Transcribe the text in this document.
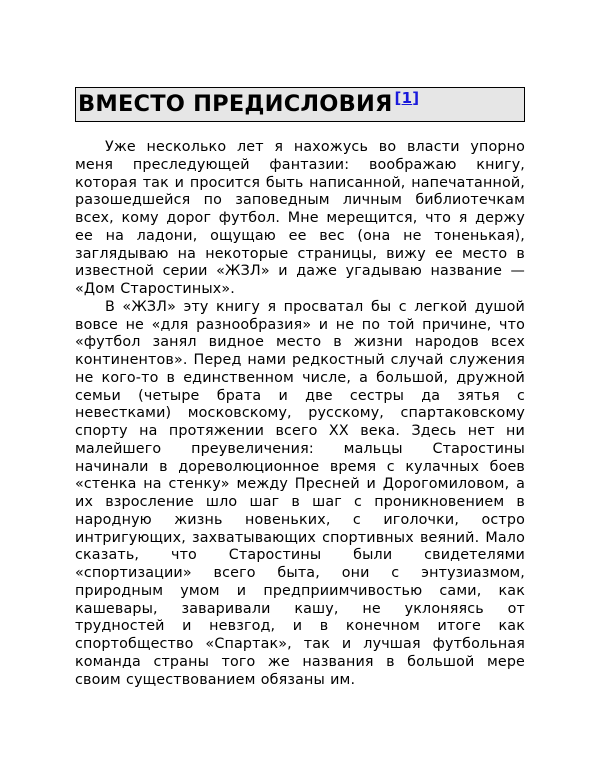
ВМЕСТО ПРЕДИСЛОВИЯ [1]

Уже несколько лет я нахожусь во власти упорно меня преследующей фантазии: воображаю книгу, которая так и просится быть написанной, напечатанной, разошедшейся по заповедным личным библиотечкам всех, кому дорог футбол. Мне мерещится, что я держу ее на ладони, ощущаю ее вес (она не тоненькая), заглядываю на некоторые страницы, вижу ее место в известной серии «ЖЗЛ» и даже угадываю название — «Дом Старостиных».

В «ЖЗЛ» эту книгу я просватал бы с легкой душой вовсе не «для разнообразия» и не по той причине, что «футбол занял видное место в жизни народов всех континентов». Перед нами редкостный случай служения не кого-то в единственном числе, а большой, дружной семьи (четыре брата и две сестры да зятья с невестками) московскому, русскому, спартаковскому спорту на протяжении всего XX века. Здесь нет ни малейшего преувеличения: мальцы Старостины начинали в дореволюционное время с кулачных боев «стенка на стенку» между Пресней и Дорогомиловом, а их взросление шло шаг в шаг с проникновением в народную жизнь новеньких, с иголочки, остро интригующих, захватывающих спортивных веяний. Мало сказать, что Старостины были свидетелями «спортизации» всего быта, они с энтузиазмом, природным умом и предприимчивостью сами, как кашевары, заваривали кашу, не уклоняясь от трудностей и невзгод, и в конечном итоге как спортобщество «Спартак», так и лучшая футбольная команда страны того же названия в большой мере своим существованием обязаны им.
